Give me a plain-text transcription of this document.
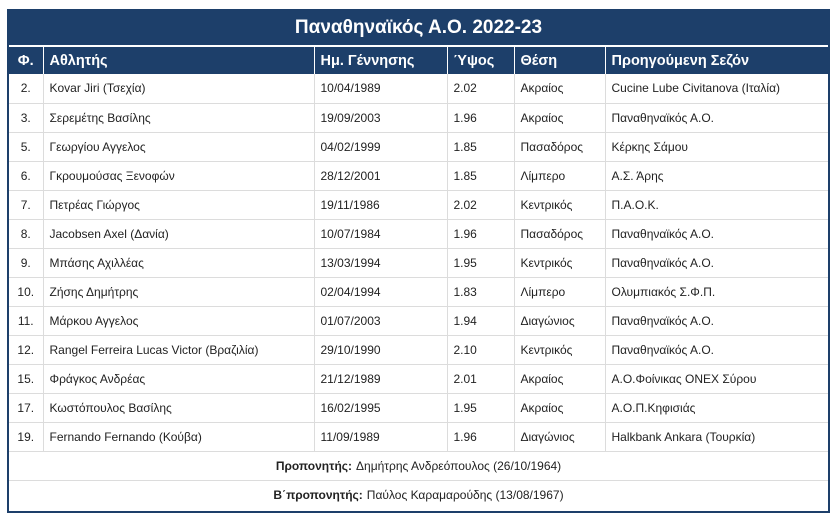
Παναθηναϊκός Α.Ο. 2022-23
Φ.	Αθλητής	Ημ. Γέννησης	Ύψος	Θέση	Προηγούμενη Σεζόν
2.	Kovar Jiri (Τσεχία)	10/04/1989	2.02	Ακραίος	Cucine Lube Civitanova (Ιταλία)
3.	Σερεμέτης Βασίλης	19/09/2003	1.96	Ακραίος	Παναθηναϊκός Α.Ο.
5.	Γεωργίου Αγγελος	04/02/1999	1.85	Πασαδόρος	Κέρκης Σάμου
6.	Γκρουμούσας Ξενοφών	28/12/2001	1.85	Λίμπερο	Α.Σ. Άρης
7.	Πετρέας Γιώργος	19/11/1986	2.02	Κεντρικός	Π.Α.Ο.Κ.
8.	Jacobsen Axel (Δανία)	10/07/1984	1.96	Πασαδόρος	Παναθηναϊκός Α.Ο.
9.	Μπάσης Αχιλλέας	13/03/1994	1.95	Κεντρικός	Παναθηναϊκός Α.Ο.
10.	Ζήσης Δημήτρης	02/04/1994	1.83	Λίμπερο	Ολυμπιακός Σ.Φ.Π.
11.	Μάρκου Αγγελος	01/07/2003	1.94	Διαγώνιος	Παναθηναϊκός Α.Ο.
12.	Rangel Ferreira Lucas Victor (Βραζιλία)	29/10/1990	2.10	Κεντρικός	Παναθηναϊκός Α.Ο.
15.	Φράγκος Ανδρέας	21/12/1989	2.01	Ακραίος	Α.Ο.Φοίνικας ONEX Σύρου
17.	Κωστόπουλος Βασίλης	16/02/1995	1.95	Ακραίος	Α.Ο.Π.Κηφισιάς
19.	Fernando Fernando (Κούβα)	11/09/1989	1.96	Διαγώνιος	Halkbank Ankara (Τουρκία)
Προπονητής: Δημήτρης Ανδρεόπουλος (26/10/1964)
Β΄προπονητής: Παύλος Καραμαρούδης (13/08/1967)
